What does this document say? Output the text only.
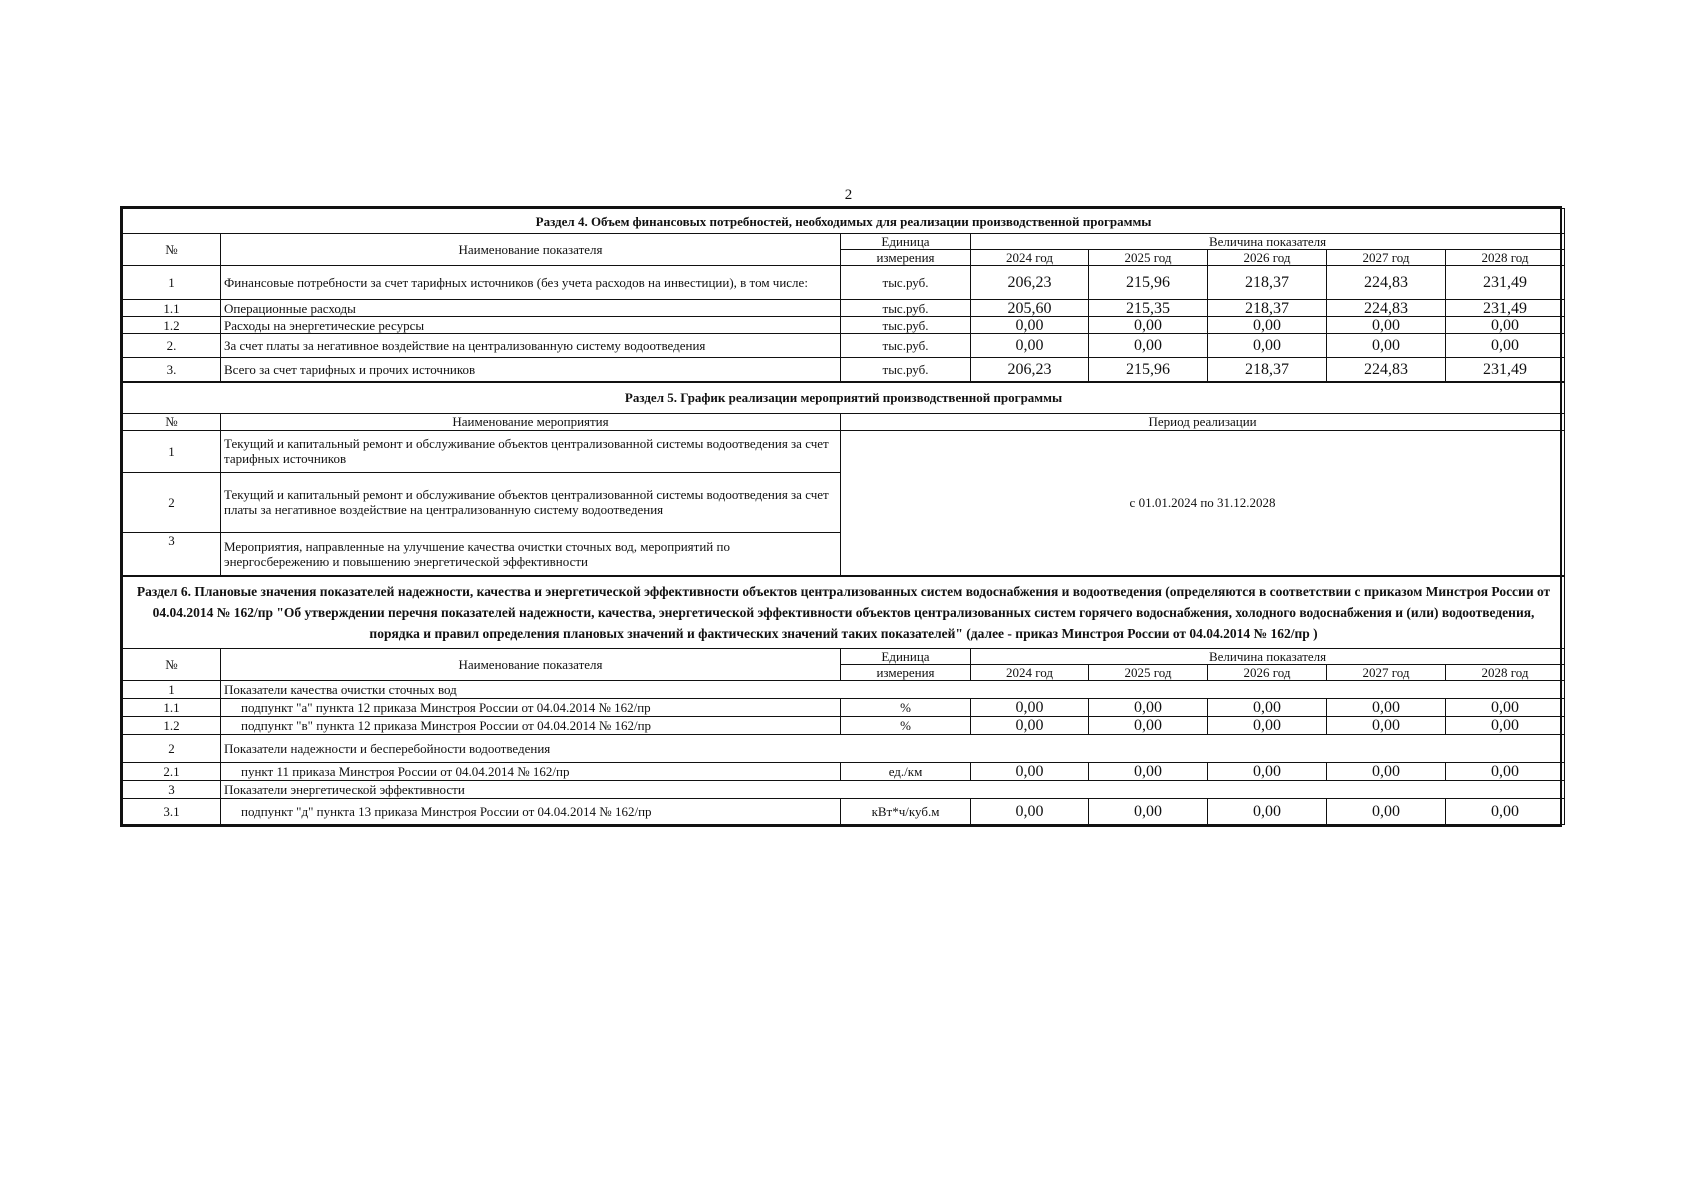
2
Раздел 4. Объем финансовых потребностей, необходимых для реализации производственной программы							
№	Наименование показателя	Единица	Величина показателя				
		измерения	2024 год	2025 год	2026 год	2027 год	2028 год
1	Финансовые потребности за счет тарифных источников (без учета расходов на инвестиции), в том числе:	тыс.руб.	206,23	215,96	218,37	224,83	231,49
1.1	Операционные расходы	тыс.руб.	205,60	215,35	218,37	224,83	231,49
1.2	Расходы на энергетические ресурсы	тыс.руб.	0,00	0,00	0,00	0,00	0,00
2.	За счет платы за негативное воздействие на централизованную систему водоотведения	тыс.руб.	0,00	0,00	0,00	0,00	0,00
3.	Всего за счет тарифных и прочих источников	тыс.руб.	206,23	215,96	218,37	224,83	231,49
Раздел 5. График реализации мероприятий производственной программы							
№	Наименование мероприятия	Период реализации					
1	Текущий и капитальный ремонт и обслуживание объектов централизованной системы водоотведения за счет тарифных источников	с 01.01.2024 по 31.12.2028					
2	Текущий и капитальный ремонт и обслуживание объектов централизованной системы водоотведения за счет платы за негативное воздействие на централизованную систему водоотведения						
3	Мероприятия, направленные на улучшение качества очистки сточных вод, мероприятий по энергосбережению и повышению энергетической эффективности						
Раздел 6. Плановые значения показателей надежности, качества и энергетической эффективности объектов централизованных систем водоснабжения и водоотведения (определяются в соответствии с приказом Минстроя России от 04.04.2014 № 162/пр "Об утверждении перечня показателей надежности, качества, энергетической эффективности объектов централизованных систем горячего водоснабжения, холодного водоснабжения и (или) водоотведения, порядка и правил определения плановых значений и фактических значений таких показателей" (далее - приказ Минстроя России от 04.04.2014 № 162/пр )							
№	Наименование показателя	Единица	Величина показателя				
		измерения	2024 год	2025 год	2026 год	2027 год	2028 год
1	Показатели качества очистки сточных вод						
1.1	подпункт "а" пункта 12 приказа Минстроя России от 04.04.2014 № 162/пр	%	0,00	0,00	0,00	0,00	0,00
1.2	подпункт "в" пункта 12 приказа Минстроя России от 04.04.2014 № 162/пр	%	0,00	0,00	0,00	0,00	0,00
2	Показатели надежности и бесперебойности водоотведения						
2.1	пункт 11 приказа Минстроя России от 04.04.2014 № 162/пр	ед./км	0,00	0,00	0,00	0,00	0,00
3	Показатели энергетической эффективности						
3.1	подпункт "д" пункта 13 приказа Минстроя России от 04.04.2014 № 162/пр	кВт*ч/куб.м	0,00	0,00	0,00	0,00	0,00
